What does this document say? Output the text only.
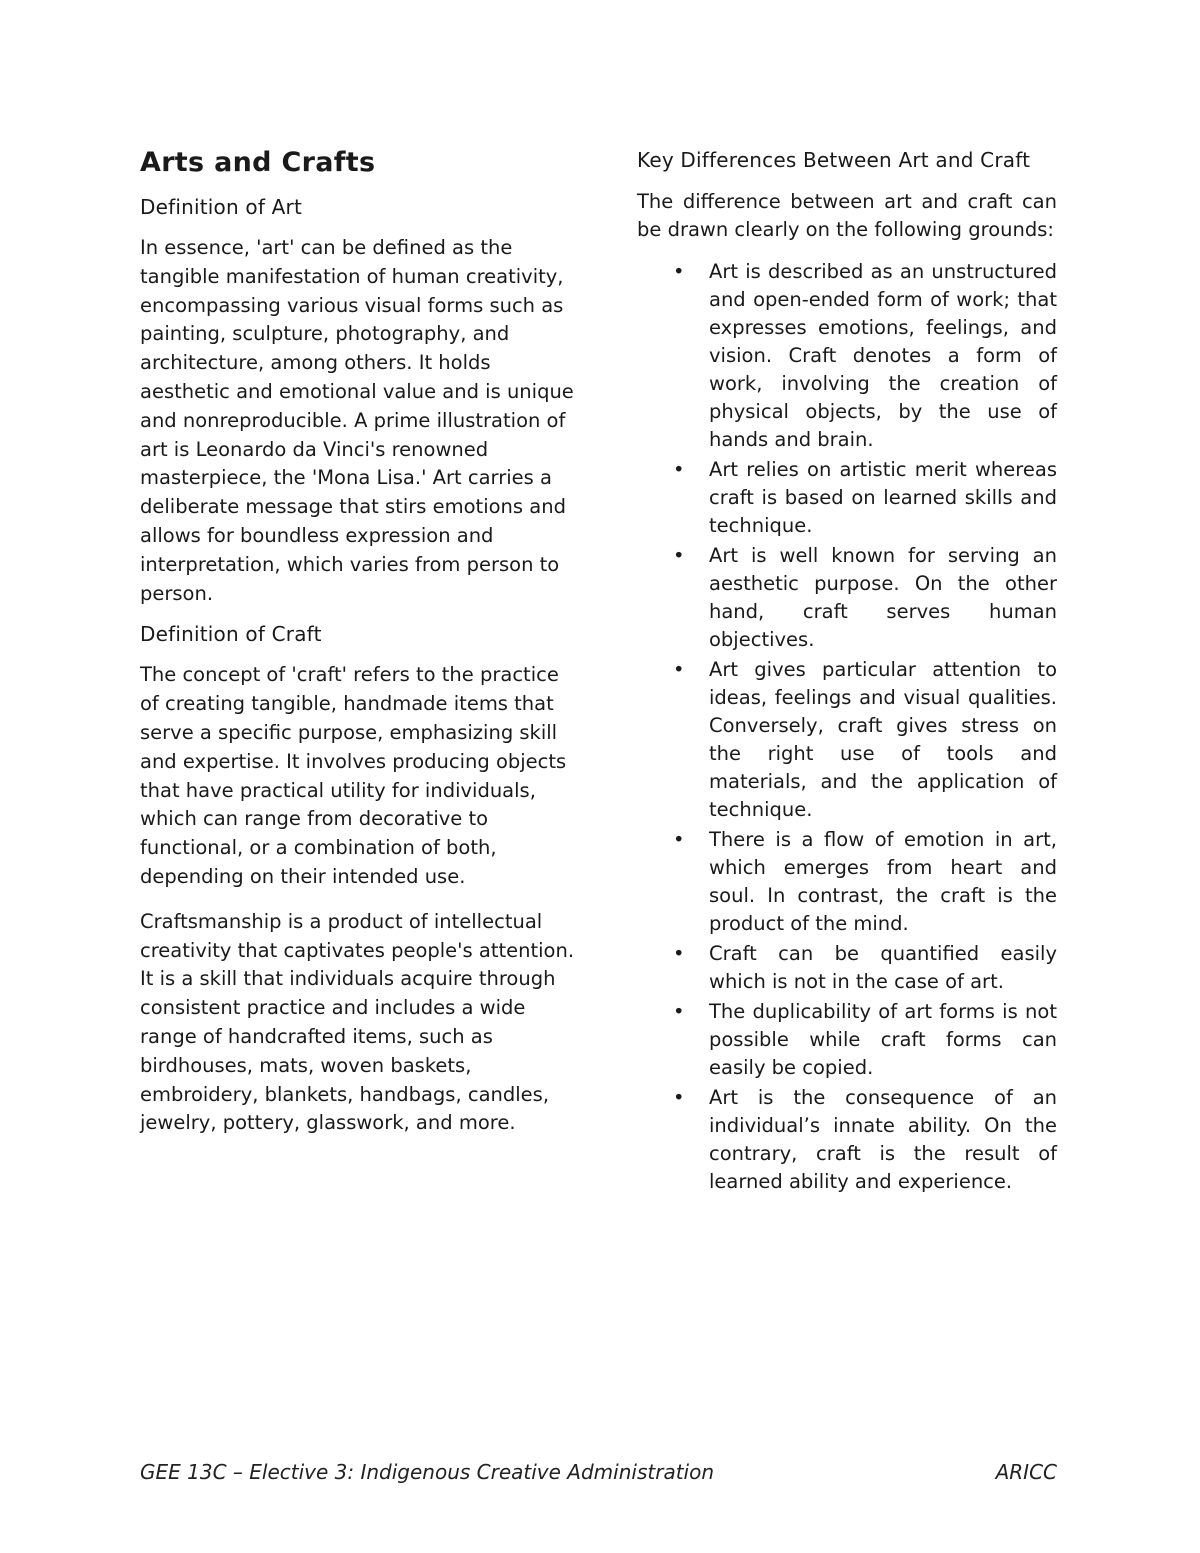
Arts and Crafts
Definition of Art

In essence, 'art' can be defined as the tangible manifestation of human creativity, encompassing various visual forms such as painting, sculpture, photography, and architecture, among others. It holds aesthetic and emotional value and is unique and nonreproducible. A prime illustration of art is Leonardo da Vinci's renowned masterpiece, the 'Mona Lisa.' Art carries a deliberate message that stirs emotions and allows for boundless expression and interpretation, which varies from person to person.

Definition of Craft

The concept of 'craft' refers to the practice of creating tangible, handmade items that serve a specific purpose, emphasizing skill and expertise. It involves producing objects that have practical utility for individuals, which can range from decorative to functional, or a combination of both, depending on their intended use.

Craftsmanship is a product of intellectual creativity that captivates people's attention. It is a skill that individuals acquire through consistent practice and includes a wide range of handcrafted items, such as birdhouses, mats, woven baskets, embroidery, blankets, handbags, candles, jewelry, pottery, glasswork, and more.

Key Differences Between Art and Craft

The difference between art and craft can be drawn clearly on the following grounds:

• Art is described as an unstructured and open-ended form of work; that expresses emotions, feelings, and vision. Craft denotes a form of work, involving the creation of physical objects, by the use of hands and brain.
• Art relies on artistic merit whereas craft is based on learned skills and technique.
• Art is well known for serving an aesthetic purpose. On the other hand, craft serves human objectives.
• Art gives particular attention to ideas, feelings and visual qualities. Conversely, craft gives stress on the right use of tools and materials, and the application of technique.
• There is a flow of emotion in art, which emerges from heart and soul. In contrast, the craft is the product of the mind.
• Craft can be quantified easily which is not in the case of art.
• The duplicability of art forms is not possible while craft forms can easily be copied.
• Art is the consequence of an individual’s innate ability. On the contrary, craft is the result of learned ability and experience.
GEE 13C – Elective 3: Indigenous Creative Administration	ARICC
